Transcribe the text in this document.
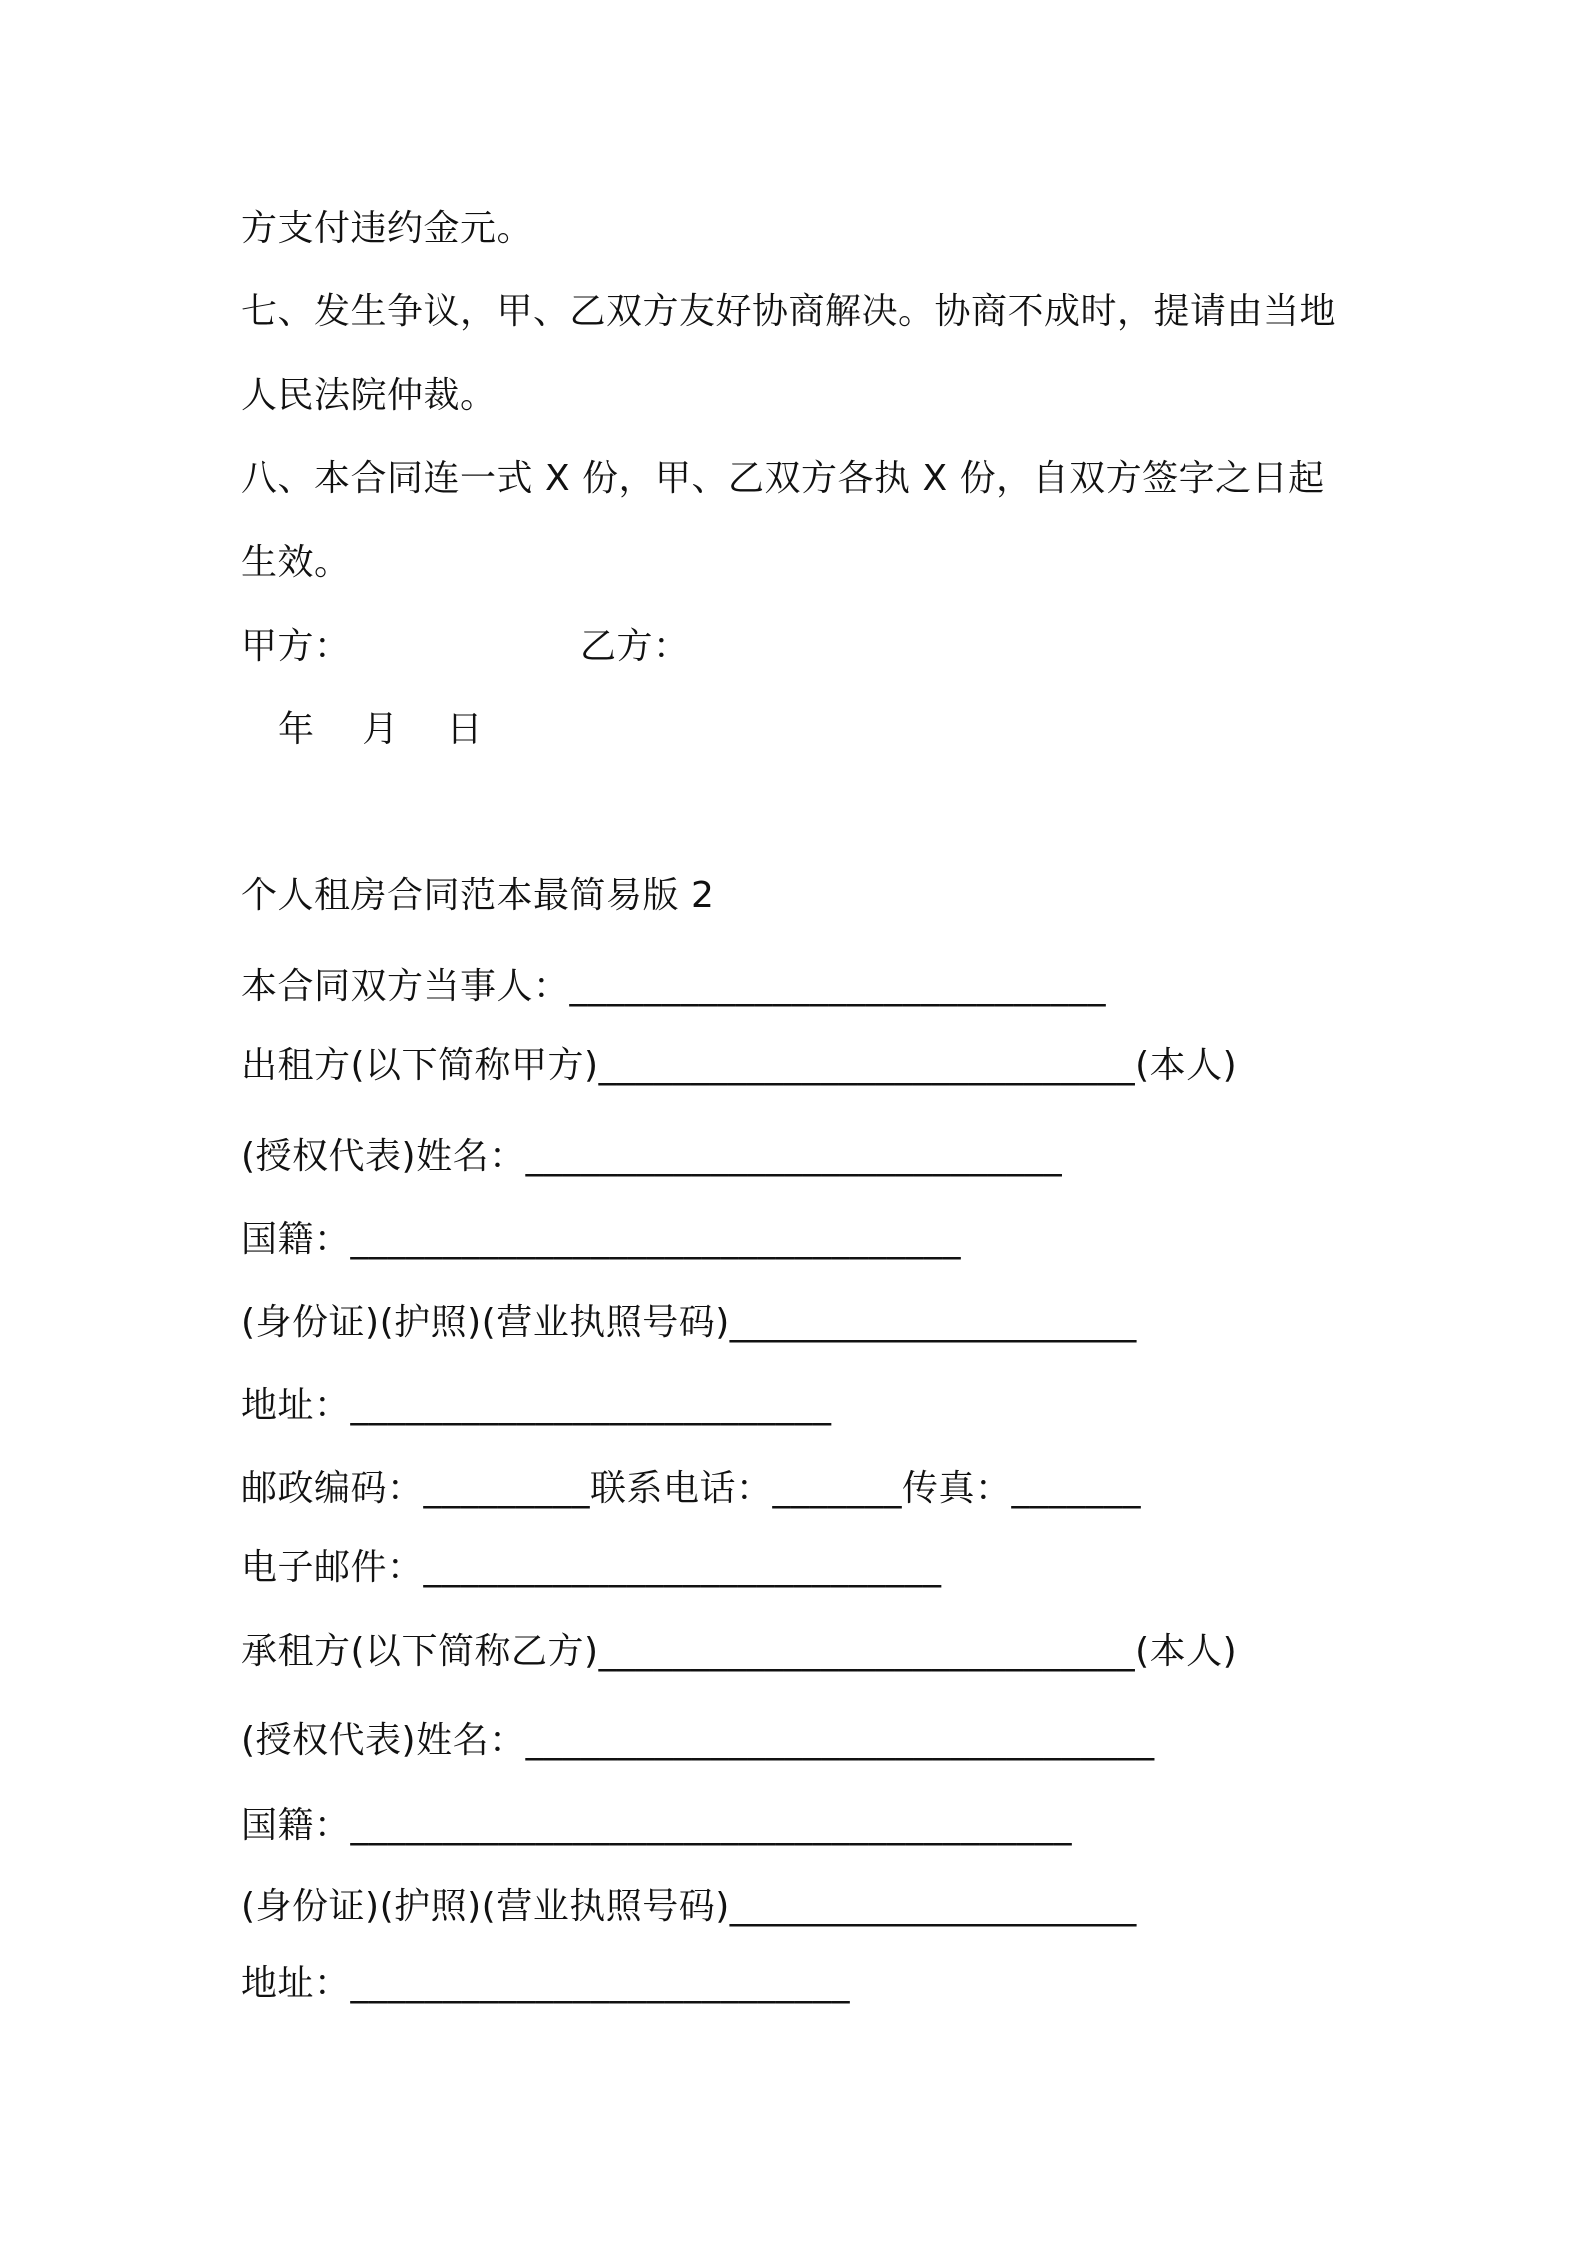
方支付违约金元。
七、发生争议，甲、乙双方友好协商解决。协商不成时，提请由当地
人民法院仲裁。
八、本合同连一式 X 份，甲、乙双方各执 X 份，自双方签字之日起
生效。
甲方：	乙方：
年    月    日
个人租房合同范本最简易版 2
本合同双方当事人：_____________________________
出租方(以下简称甲方)_____________________________(本人)
(授权代表)姓名：_____________________________
国籍：_________________________________
(身份证)(护照)(营业执照号码)______________________
地址：__________________________
邮政编码：_________联系电话：_______传真：_______
电子邮件：____________________________
承租方(以下简称乙方)_____________________________(本人)
(授权代表)姓名：__________________________________
国籍：_______________________________________
(身份证)(护照)(营业执照号码)______________________
地址：___________________________
